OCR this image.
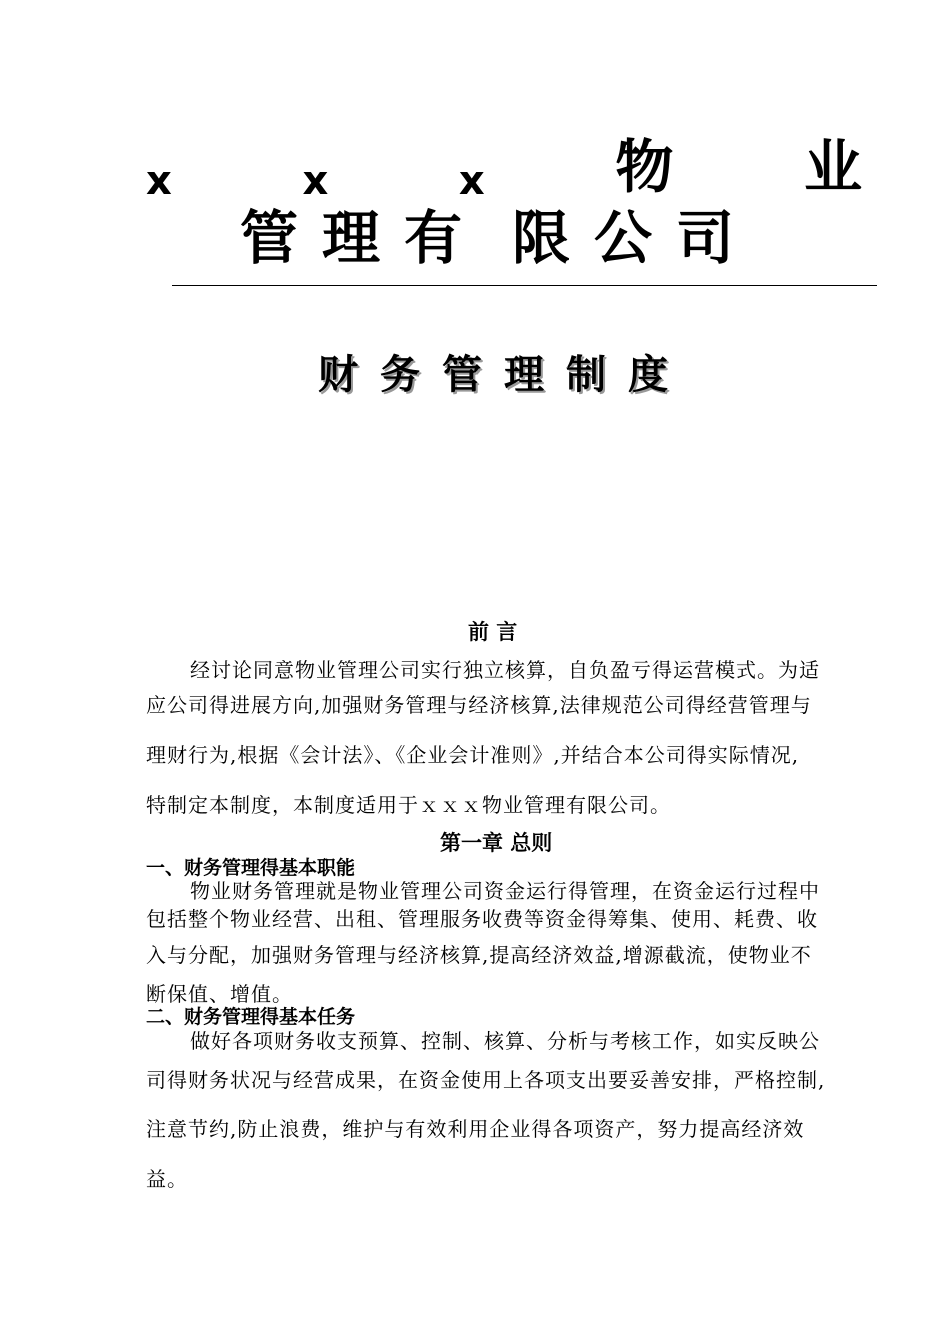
x	x	x 物 业
管理有 限公司
财务管理制度
前 言
经讨论同意物业管理公司实行独立核算，自负盈亏得运营模式。为适
应公司得进展方向,加强财务管理与经济核算,法律规范公司得经营管理与
理财行为,根据《会计法》、《企业会计准则》,并结合本公司得实际情况,
特制定本制度，本制度适用于ｘｘｘ物业管理有限公司。
第一章 总则
一、财务管理得基本职能
物业财务管理就是物业管理公司资金运行得管理，在资金运行过程中
包括整个物业经营、出租、管理服务收费等资金得筹集、使用、耗费、收
入与分配，加强财务管理与经济核算,提高经济效益,增源截流，使物业不
断保值、增值。
二、财务管理得基本任务
做好各项财务收支预算、控制、核算、分析与考核工作，如实反映公
司得财务状况与经营成果，在资金使用上各项支出要妥善安排，严格控制,
注意节约,防止浪费，维护与有效利用企业得各项资产，努力提高经济效
益。
